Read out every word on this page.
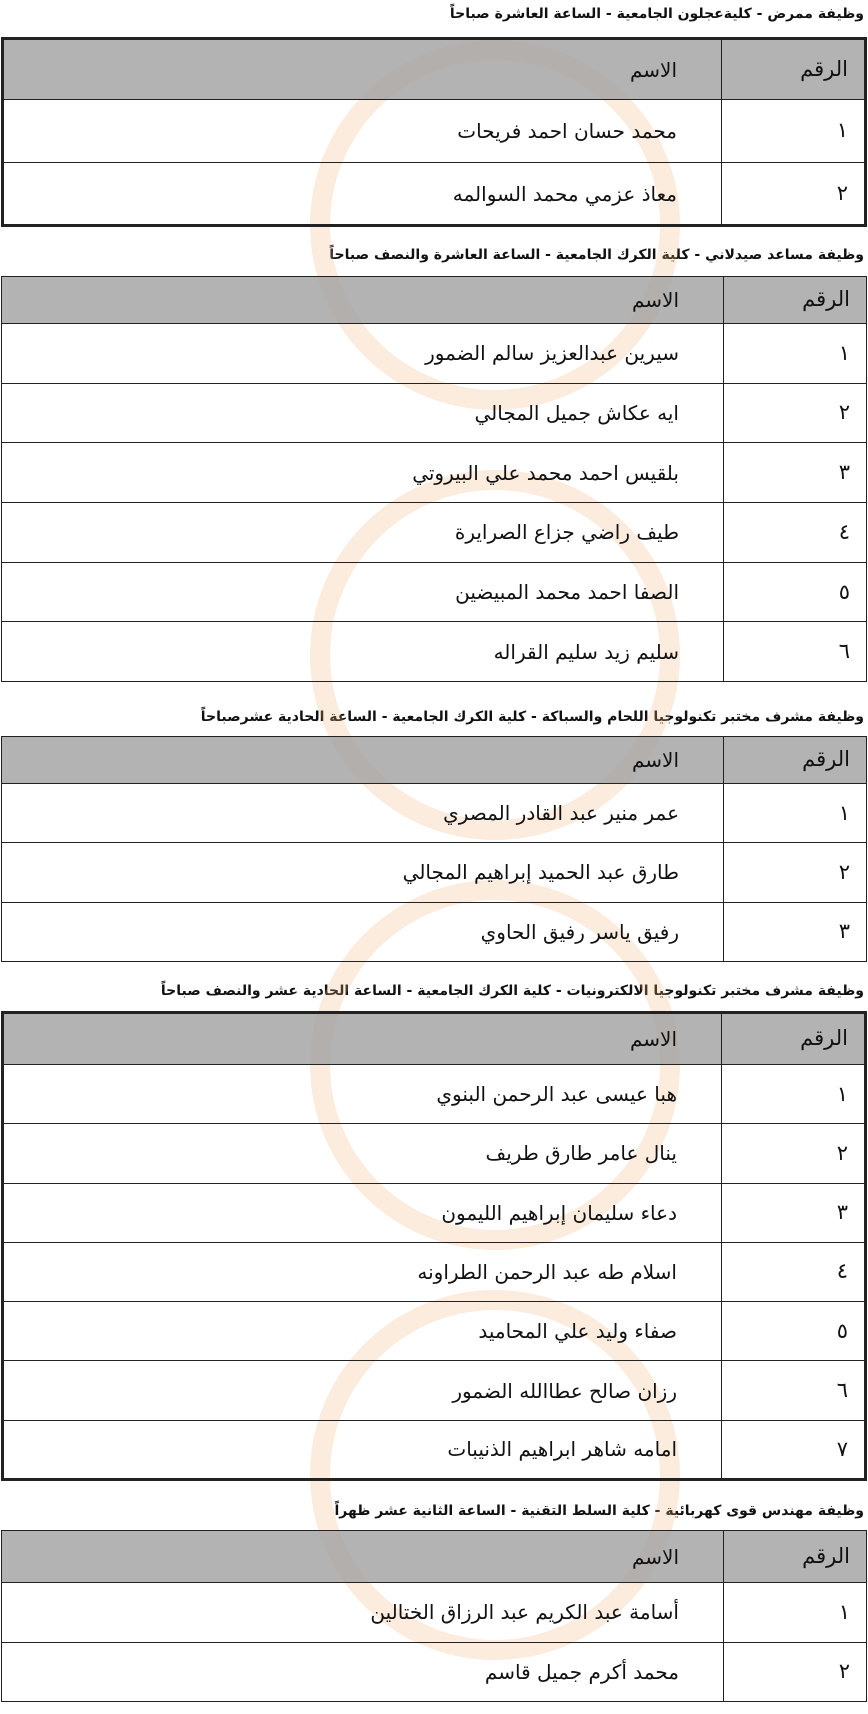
وظيفة ممرض - كليةعجلون الجامعية - الساعة العاشرة صباحاً
الرقم	الاسم
١	محمد حسان احمد فريحات
٢	معاذ عزمي محمد السوالمه
وظيفة مساعد صيدلاني - كلية الكرك الجامعية - الساعة العاشرة والنصف صباحاً
الرقم	الاسم
١	سيرين عبدالعزيز سالم الضمور
٢	ايه عكاش جميل المجالي
٣	بلقيس احمد محمد علي البيروتي
٤	طيف راضي جزاع الصرايرة
٥	الصفا احمد محمد المبيضين
٦	سليم زيد سليم القراله
وظيفة مشرف مختبر تكنولوجيا اللحام والسباكة - كلية الكرك الجامعية - الساعة الحادية عشرصباحاً
الرقم	الاسم
١	عمر منير عبد القادر المصري
٢	طارق عبد الحميد إبراهيم المجالي
٣	رفيق ياسر رفيق الحاوي
وظيفة مشرف مختبر تكنولوجيا الالكترونيات - كلية الكرك الجامعية - الساعة الحادية عشر والنصف صباحاً
الرقم	الاسم
١	هبا عيسى عبد الرحمن البنوي
٢	ينال عامر طارق طريف
٣	دعاء سليمان إبراهيم الليمون
٤	اسلام طه عبد الرحمن الطراونه
٥	صفاء وليد علي المحاميد
٦	رزان صالح عطاالله الضمور
٧	امامه شاهر ابراهيم الذنيبات
وظيفة مهندس قوى كهربائية - كلية السلط التقنية - الساعة الثانية عشر ظهراً
الرقم	الاسم
١	أسامة عبد الكريم عبد الرزاق الختالين
٢	محمد أكرم جميل قاسم
